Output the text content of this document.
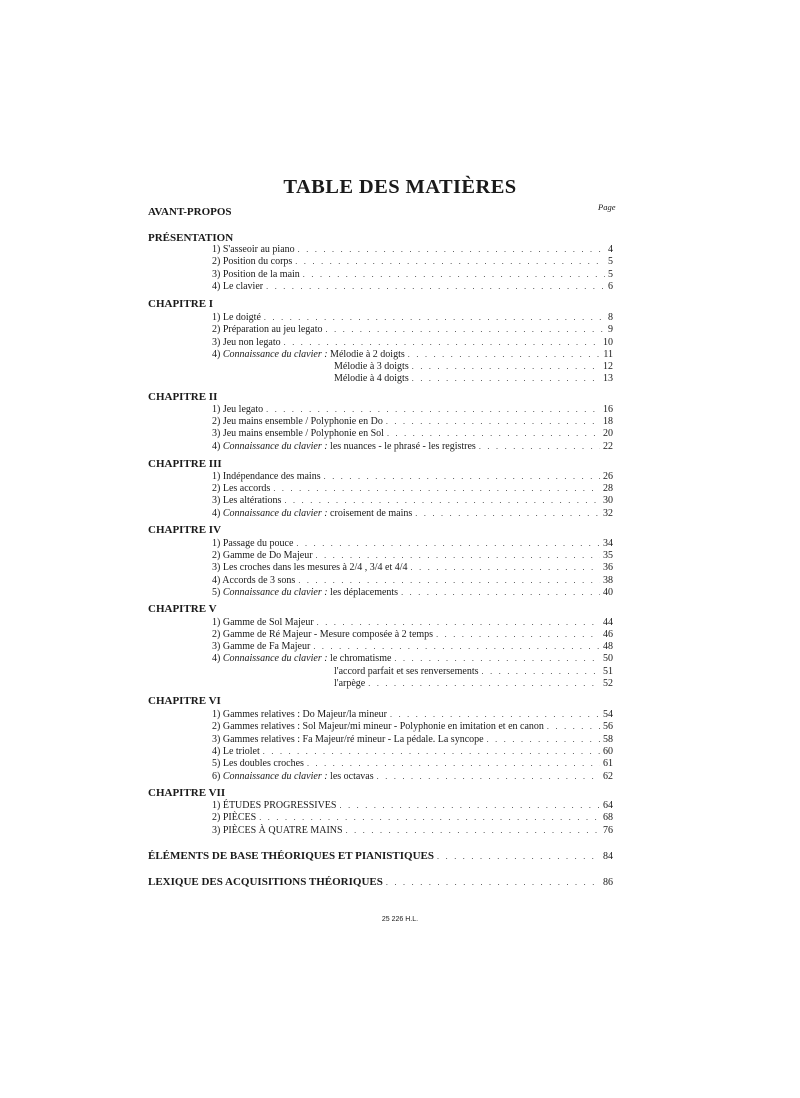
TABLE DES MATIÈRES
Page
AVANT-PROPOS
PRÉSENTATION
1) S'asseoir au piano . . .	4
2) Position du corps . . .	5
3) Position de la main . . .	5
4) Le clavier . . .	6
CHAPITRE I
1) Le doigté . . .	8
2) Préparation au jeu legato . . .	9
3) Jeu non legato . . .	10
4) Connaissance du clavier : Mélodie à 2 doigts . . .	11
Mélodie à 3 doigts . . .	12
Mélodie à 4 doigts . . .	13
CHAPITRE II
1) Jeu legato . . .	16
2) Jeu mains ensemble / Polyphonie en Do . . .	18
3) Jeu mains ensemble / Polyphonie en Sol . . .	20
4) Connaissance du clavier : les nuances - le phrasé - les registres . . .	22
CHAPITRE III
1) Indépendance des mains . . .	26
2) Les accords . . .	28
3) Les altérations . . .	30
4) Connaissance du clavier : croisement de mains . . .	32
CHAPITRE IV
1) Passage du pouce . . .	34
2) Gamme de Do Majeur . . .	35
3) Les croches dans les mesures à 2/4 , 3/4 et 4/4 . . .	36
4) Accords de 3 sons . . .	38
5) Connaissance du clavier : les déplacements . . .	40
CHAPITRE V
1) Gamme de Sol Majeur . . .	44
2) Gamme de Ré Majeur - Mesure composée à 2 temps . . .	46
3) Gamme de Fa Majeur . . .	48
4) Connaissance du clavier : le chromatisme . . .	50
l'accord parfait et ses renversements . . .	51
l'arpège . . .	52
CHAPITRE VI
1) Gammes relatives : Do Majeur/la mineur . . .	54
2) Gammes relatives : Sol Majeur/mi mineur - Polyphonie en imitation et en canon . . .	56
3) Gammes relatives : Fa Majeur/ré mineur - La pédale. La syncope . . .	58
4) Le triolet . . .	60
5) Les doubles croches . . .	61
6) Connaissance du clavier : les octavas . . .	62
CHAPITRE VII
1) ÉTUDES PROGRESSIVES . . .	64
2) PIÈCES . . .	68
3) PIÈCES À QUATRE MAINS . . .	76
ÉLÉMENTS DE BASE THÉORIQUES ET PIANISTIQUES . . .	84
LEXIQUE DES ACQUISITIONS THÉORIQUES . . .	86
25 226 H.L.
